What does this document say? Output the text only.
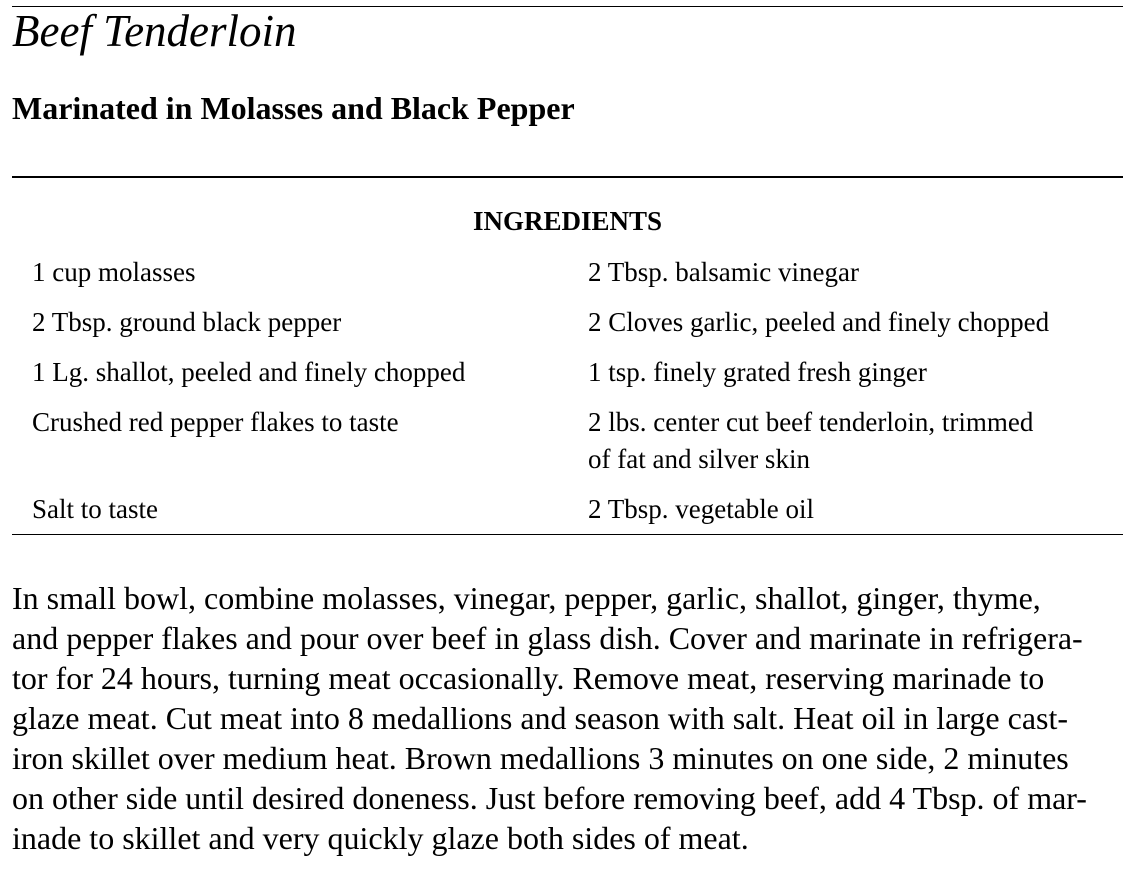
Beef Tenderloin
Marinated in Molasses and Black Pepper
INGREDIENTS
1 cup molasses	2 Tbsp. balsamic vinegar
2 Tbsp. ground black pepper	2 Cloves garlic, peeled and finely chopped
1 Lg. shallot, peeled and finely chopped	1 tsp. finely grated fresh ginger
Crushed red pepper flakes to taste	2 lbs. center cut beef tenderloin, trimmed
of fat and silver skin
Salt to taste	2 Tbsp. vegetable oil
In small bowl, combine molasses, vinegar, pepper, garlic, shallot, ginger, thyme,
and pepper flakes and pour over beef in glass dish. Cover and marinate in refrigera-
tor for 24 hours, turning meat occasionally. Remove meat, reserving marinade to
glaze meat. Cut meat into 8 medallions and season with salt. Heat oil in large cast-
iron skillet over medium heat. Brown medallions 3 minutes on one side, 2 minutes
on other side until desired doneness. Just before removing beef, add 4 Tbsp. of mar-
inade to skillet and very quickly glaze both sides of meat.
